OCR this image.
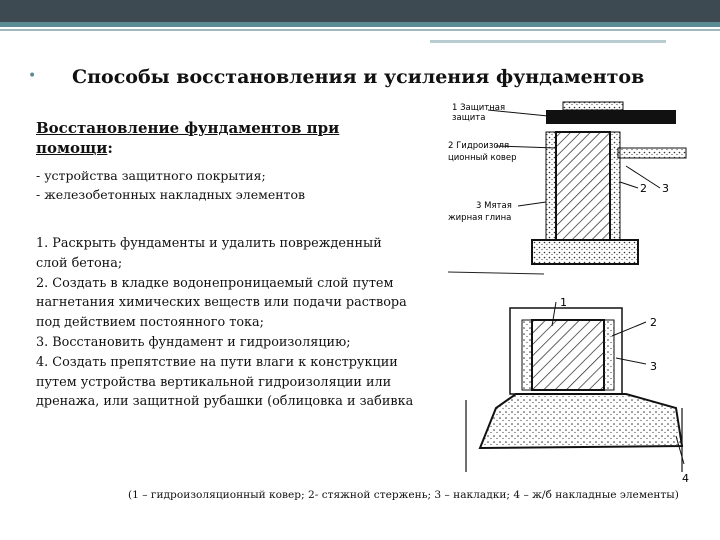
• Способы восстановления и усиления фундаментов
Восстановление фундаментов при помощи:
- устройства защитного покрытия;
- железобетонных накладных элементов
1. Раскрыть фундаменты и удалить поврежденный
слой бетона;
2. Создать в кладке водонепроницаемый слой путем
нагнетания химических веществ или подачи раствора
под действием постоянного тока;
3. Восстановить фундамент и гидроизоляцию;
4. Создать препятствие на пути влаги к конструкции
путем устройства вертикальной гидроизоляции или
дренажа, или защитной рубашки (облицовка и забивка
1 Защитная
защита
2 Гидроизоля
ционный ковер
2 3
3 Мятая
жирная глина
1
2
3
4
(1 – гидроизоляционный ковер; 2- стяжной стержень; 3 – накладки; 4 – ж/б накладные элементы)
